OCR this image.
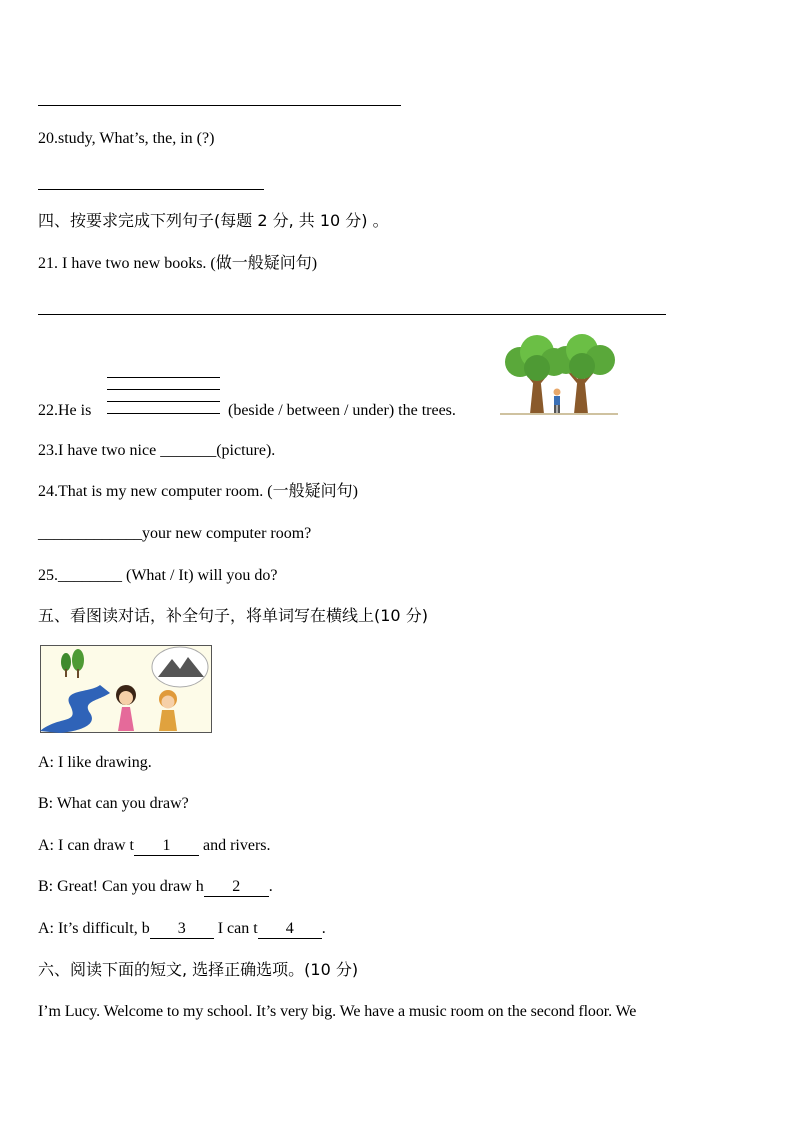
20.study, What’s, the, in (?)
四、按要求完成下列句子(每题 2 分, 共 10 分) 。
21. I have two new books. (做一般疑问句)
22.He is	(beside / between / under) the trees.
23.I have two nice _______(picture).
24.That is my new computer room. (一般疑问句)
_____________your new computer room?
25.________ (What / It) will you do?
五、看图读对话，补全句子，将单词写在横线上(10 分)
A: I like drawing.
B: What can you draw?
A: I can draw t 1 and rivers.
B: Great! Can you draw h 2 .
A: It’s difficult, b 3 I can t 4 .
六、阅读下面的短文, 选择正确选项。(10 分)
I’m Lucy. Welcome to my school. It’s very big. We have a music room on the second floor. We
